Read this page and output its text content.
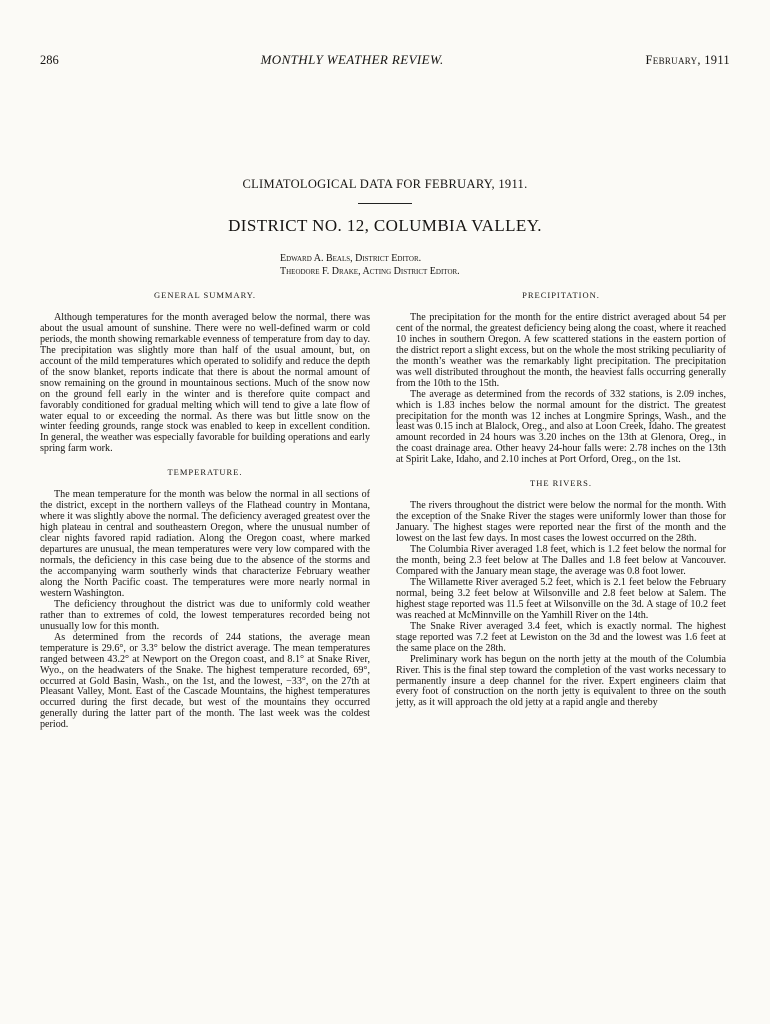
286	MONTHLY WEATHER REVIEW.	February, 1911
CLIMATOLOGICAL DATA FOR FEBRUARY, 1911.
DISTRICT NO. 12, COLUMBIA VALLEY.
Edward A. Beals, District Editor.
Theodore F. Drake, Acting District Editor.
GENERAL SUMMARY.

Although temperatures for the month averaged below the normal, there was about the usual amount of sunshine. There were no well-defined warm or cold periods, the month showing remarkable evenness of temperature from day to day. The precipitation was slightly more than half of the usual amount, but, on account of the mild temperatures which operated to solidify and reduce the depth of the snow blanket, reports indicate that there is about the normal amount of snow remaining on the ground in mountainous sections. Much of the snow now on the ground fell early in the winter and is therefore quite compact and favorably conditioned for gradual melting which will tend to give a late flow of water equal to or exceeding the normal. As there was but little snow on the winter feeding grounds, range stock was enabled to keep in excellent condition. In general, the weather was especially favorable for building operations and early spring farm work.

TEMPERATURE.

The mean temperature for the month was below the normal in all sections of the district, except in the northern valleys of the Flathead country in Montana, where it was slightly above the normal. The deficiency averaged greatest over the high plateau in central and southeastern Oregon, where the unusual number of clear nights favored rapid radiation. Along the Oregon coast, where marked departures are unusual, the mean temperatures were very low compared with the normals, the deficiency in this case being due to the absence of the storms and the accompanying warm southerly winds that characterize February weather along the North Pacific coast. The temperatures were more nearly normal in western Washington.

The deficiency throughout the district was due to uniformly cold weather rather than to extremes of cold, the lowest temperatures recorded being not unusually low for this month.

As determined from the records of 244 stations, the average mean temperature is 29.6°, or 3.3° below the district average. The mean temperatures ranged between 43.2° at Newport on the Oregon coast, and 8.1° at Snake River, Wyo., on the headwaters of the Snake. The highest temperature recorded, 69°, occurred at Gold Basin, Wash., on the 1st, and the lowest, −33°, on the 27th at Pleasant Valley, Mont. East of the Cascade Mountains, the highest temperatures occurred during the first decade, but west of the mountains they occurred generally during the latter part of the month. The last week was the coldest period.

PRECIPITATION.

The precipitation for the month for the entire district averaged about 54 per cent of the normal, the greatest deficiency being along the coast, where it reached 10 inches in southern Oregon. A few scattered stations in the eastern portion of the district report a slight excess, but on the whole the most striking peculiarity of the month’s weather was the remarkably light precipitation. The precipitation was well distributed throughout the month, the heaviest falls occurring generally from the 10th to the 15th.

The average as determined from the records of 332 stations, is 2.09 inches, which is 1.83 inches below the normal amount for the district. The greatest precipitation for the month was 12 inches at Longmire Springs, Wash., and the least was 0.15 inch at Blalock, Oreg., and also at Loon Creek, Idaho. The greatest amount recorded in 24 hours was 3.20 inches on the 13th at Glenora, Oreg., in the coast drainage area. Other heavy 24-hour falls were: 2.78 inches on the 13th at Spirit Lake, Idaho, and 2.10 inches at Port Orford, Oreg., on the 1st.

THE RIVERS.

The rivers throughout the district were below the normal for the month. With the exception of the Snake River the stages were uniformly lower than those for January. The highest stages were reported near the first of the month and the lowest on the last few days. In most cases the lowest occurred on the 28th.

The Columbia River averaged 1.8 feet, which is 1.2 feet below the normal for the month, being 2.3 feet below at The Dalles and 1.8 feet below at Vancouver. Compared with the January mean stage, the average was 0.8 foot lower.

The Willamette River averaged 5.2 feet, which is 2.1 feet below the February normal, being 3.2 feet below at Wilsonville and 2.8 feet below at Salem. The highest stage reported was 11.5 feet at Wilsonville on the 3d. A stage of 10.2 feet was reached at McMinnville on the Yamhill River on the 14th.

The Snake River averaged 3.4 feet, which is exactly normal. The highest stage reported was 7.2 feet at Lewiston on the 3d and the lowest was 1.6 feet at the same place on the 28th.

Preliminary work has begun on the north jetty at the mouth of the Columbia River. This is the final step toward the completion of the vast works necessary to permanently insure a deep channel for the river. Expert engineers claim that every foot of construction on the north jetty is equivalent to three on the south jetty, as it will approach the old jetty at a rapid angle and thereby
